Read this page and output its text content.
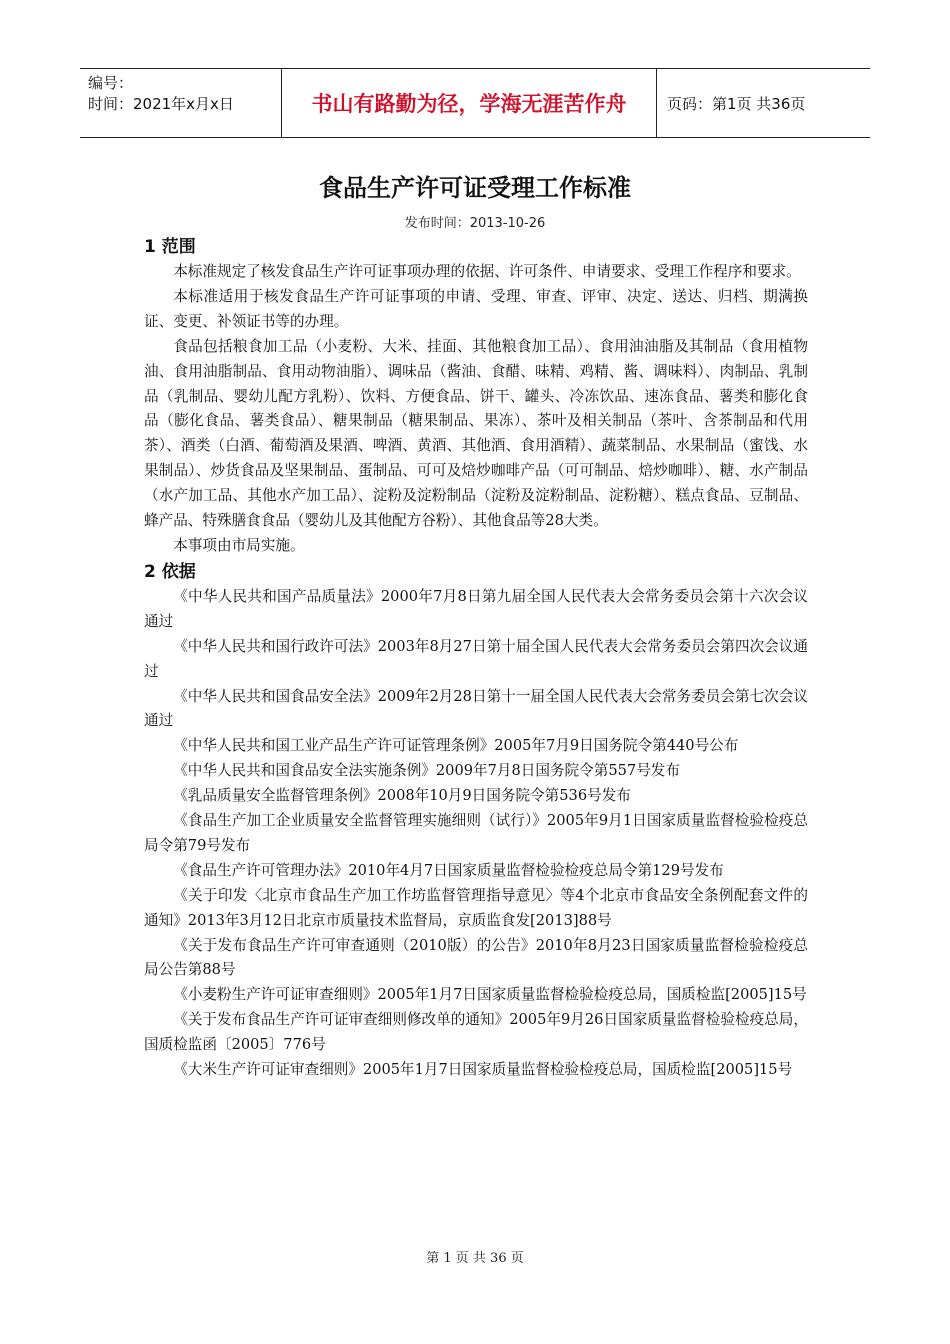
编号：
时间：2021年x月x日	书山有路勤为径，学海无涯苦作舟	页码：第1页 共36页
食品生产许可证受理工作标准
发布时间：2013-10-26
1 范围

本标准规定了核发食品生产许可证事项办理的依据、许可条件、申请要求、受理工作程序和要求。

本标准适用于核发食品生产许可证事项的申请、受理、审查、评审、决定、送达、归档、期满换证、变更、补领证书等的办理。

食品包括粮食加工品（小麦粉、大米、挂面、其他粮食加工品）、食用油油脂及其制品（食用植物油、食用油脂制品、食用动物油脂）、调味品（酱油、食醋、味精、鸡精、酱、调味料）、肉制品、乳制品（乳制品、婴幼儿配方乳粉）、饮料、方便食品、饼干、罐头、冷冻饮品、速冻食品、薯类和膨化食品（膨化食品、薯类食品）、糖果制品（糖果制品、果冻）、茶叶及相关制品（茶叶、含茶制品和代用茶）、酒类（白酒、葡萄酒及果酒、啤酒、黄酒、其他酒、食用酒精）、蔬菜制品、水果制品（蜜饯、水果制品）、炒货食品及坚果制品、蛋制品、可可及焙炒咖啡产品（可可制品、焙炒咖啡）、糖、水产制品（水产加工品、其他水产加工品）、淀粉及淀粉制品（淀粉及淀粉制品、淀粉糖）、糕点食品、豆制品、蜂产品、特殊膳食食品（婴幼儿及其他配方谷粉）、其他食品等28大类。

本事项由市局实施。

2 依据

《中华人民共和国产品质量法》2000年7月8日第九届全国人民代表大会常务委员会第十六次会议通过

《中华人民共和国行政许可法》2003年8月27日第十届全国人民代表大会常务委员会第四次会议通过

《中华人民共和国食品安全法》2009年2月28日第十一届全国人民代表大会常务委员会第七次会议通过

《中华人民共和国工业产品生产许可证管理条例》2005年7月9日国务院令第440号公布

《中华人民共和国食品安全法实施条例》2009年7月8日国务院令第557号发布

《乳品质量安全监督管理条例》2008年10月9日国务院令第536号发布

《食品生产加工企业质量安全监督管理实施细则（试行）》2005年9月1日国家质量监督检验检疫总局令第79号发布

《食品生产许可管理办法》2010年4月7日国家质量监督检验检疫总局令第129号发布

《关于印发〈北京市食品生产加工作坊监督管理指导意见〉等4个北京市食品安全条例配套文件的通知》2013年3月12日北京市质量技术监督局，京质监食发[2013]88号

《关于发布食品生产许可审查通则（2010版）的公告》2010年8月23日国家质量监督检验检疫总局公告第88号

《小麦粉生产许可证审查细则》2005年1月7日国家质量监督检验检疫总局，国质检监[2005]15号

《关于发布食品生产许可证审查细则修改单的通知》2005年9月26日国家质量监督检验检疫总局，国质检监函〔2005〕776号

《大米生产许可证审查细则》2005年1月7日国家质量监督检验检疫总局，国质检监[2005]15号

第 1 页 共 36 页
